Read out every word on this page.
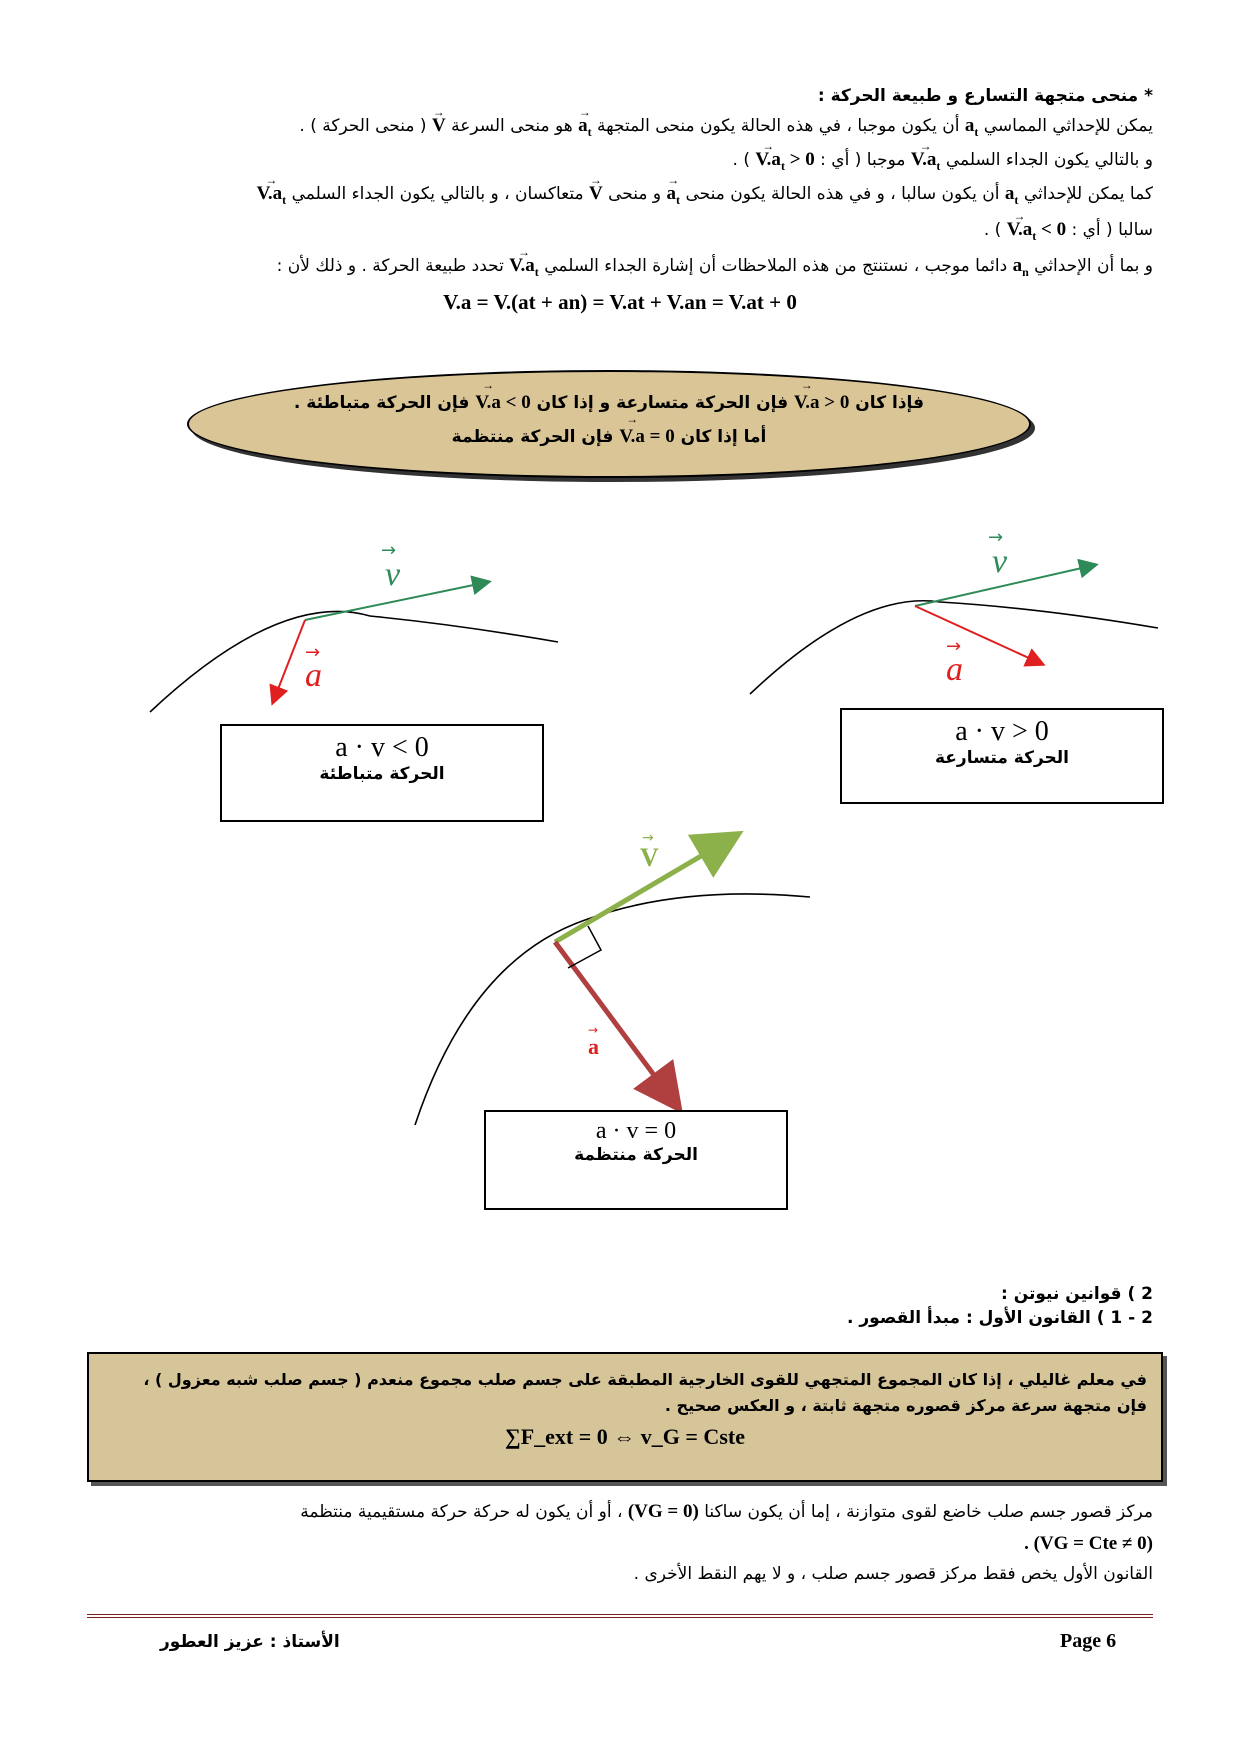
* منحى متجهة التسارع و طبيعة الحركة :
يمكن للإحداثي المماسي $a_t$ أن يكون موجبا ، في هذه الحالة يكون منحى المتجهة $a_t$ → هو منحى السرعة V → ( منحى الحركة ) .
و بالتالي يكون الجداء السلمي $V.a_t$ → موجبا ( أي : $V.a \to_t > 0$ ) .
كما يمكن للإحداثي $a_t$ أن يكون سالبا ، و في هذه الحالة يكون منحى $a_t$ → و منحى V → متعاكسان ، و بالتالي يكون الجداء السلمي $V.a_t$ →
سالبا ( أي : $V.a \to_t < 0$ ) .
و بما أن الإحداثي $a_n$ دائما موجب ، نستنتج من هذه الملاحظات أن إشارة الجداء السلمي $V.a_t$ → تحدد طبيعة الحركة . و ذلك لأن :
V.a = V.(at + an) = V.at + V.an = V.at + 0
فإذا كان V.a → > 0 فإن الحركة متسارعة و إذا كان V.a → < 0 فإن الحركة متباطئة .
أما إذا كان V.a → = 0 فإن الحركة منتظمة
v
→
a
→
v
→
a
→
V
→
a
→
a · v < 0
الحركة متباطئة
a · v > 0
الحركة متسارعة
a · v = 0
الحركة منتظمة
2 ) قوانين نيوتن :
2 - 1 ) القانون الأول : مبدأ القصور .
في معلم غاليلي ، إذا كان المجموع المتجهي للقوى الخارجية المطبقة على جسم صلب مجموع منعدم ( جسم صلب شبه معزول ) ،
فإن متجهة سرعة مركز قصوره متجهة ثابتة ، و العكس صحيح .
∑F_ext = 0 ⇔ v_G = Cste
مركز قصور جسم صلب خاضع لقوى متوازنة ، إما أن يكون ساكنا (VG = 0) ، أو أن يكون له حركة حركة مستقيمية منتظمة
. (VG = Cte ≠ 0)
القانون الأول يخص فقط مركز قصور جسم صلب ، و لا يهم النقط الأخرى .
Page 6
الأستاذ : عزيز العطور
